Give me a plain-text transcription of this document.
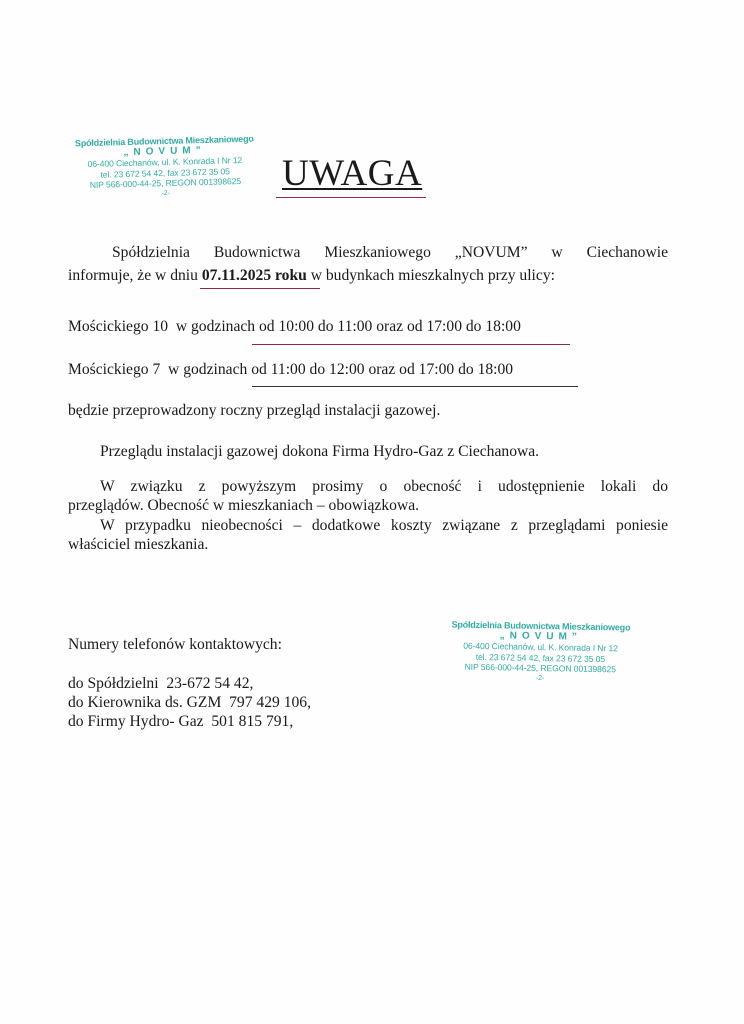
Spółdzielnia Budownictwa Mieszkaniowego
„NOVUM”
06-400 Ciechanów, ul. K. Konrada I Nr 12
tel. 23 672 54 42, fax 23 672 35 05
NIP 566-000-44-25, REGON 001398625
-2-	UWAGA
Spółdzielnia Budownictwa Mieszkaniowego „NOVUM” w Ciechanowie
informuje, że w dniu 07.11.2025 roku w budynkach mieszkalnych przy ulicy:
Mościckiego 10 w godzinach od 10:00 do 11:00 oraz od 17:00 do 18:00
Mościckiego 7 w godzinach od 11:00 do 12:00 oraz od 17:00 do 18:00
będzie przeprowadzony roczny przegląd instalacji gazowej.
Przeglądu instalacji gazowej dokona Firma Hydro-Gaz z Ciechanowa.
W związku z powyższym prosimy o obecność i udostępnienie lokali do
przeglądów. Obecność w mieszkaniach – obowiązkowa.
W przypadku nieobecności – dodatkowe koszty związane z przeglądami poniesie
właściciel mieszkania.
Numery telefonów kontaktowych:
do Spółdzielni 23-672 54 42,
do Kierownika ds. GZM 797 429 106,
do Firmy Hydro- Gaz 501 815 791,
Spółdzielnia Budownictwa Mieszkaniowego
„NOVUM”
06-400 Ciechanów, ul. K. Konrada I Nr 12
tel. 23 672 54 42, fax 23 672 35 05
NIP 566-000-44-25, REGON 001398625
-2-
